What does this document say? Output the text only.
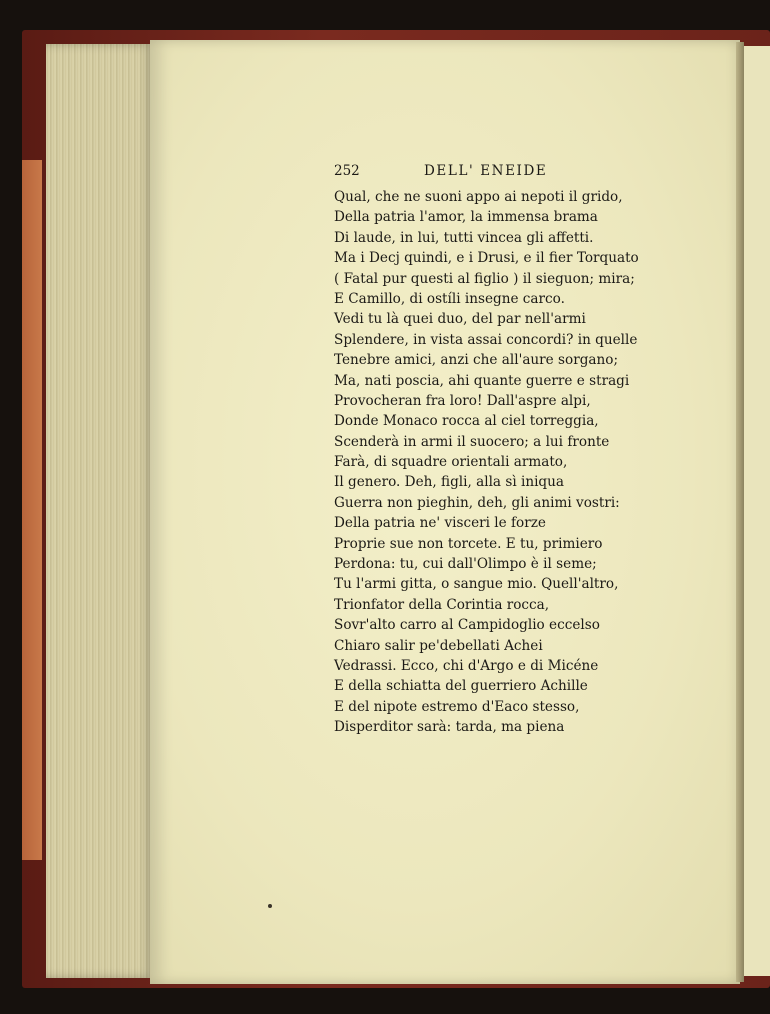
252	DELL' ENEIDE
Qual, che ne suoni appo ai nepoti il grido,
Della patria l'amor, la immensa brama
Di laude, in lui, tutti vincea gli affetti.
Ma i Decj quindi, e i Drusi, e il fier Torquato
( Fatal pur questi al figlio ) il sieguon; mira;
E Camillo, di ostíli insegne carco.
Vedi tu là quei duo, del par nell'armi
Splendere, in vista assai concordi? in quelle
Tenebre amici, anzi che all'aure sorgano;
Ma, nati poscia, ahi quante guerre e stragi
Provocheran fra loro! Dall'aspre alpi,
Donde Monaco rocca al ciel torreggia,
Scenderà in armi il suocero; a lui fronte
Farà, di squadre orientali armato,
Il genero. Deh, figli, alla sì iniqua
Guerra non pieghin, deh, gli animi vostri:
Della patria ne' visceri le forze
Proprie sue non torcete. E tu, primiero
Perdona: tu, cui dall'Olimpo è il seme;
Tu l'armi gitta, o sangue mio. Quell'altro,
Trionfator della Corintia rocca,
Sovr'alto carro al Campidoglio eccelso
Chiaro salir pe'debellati Achei
Vedrassi. Ecco, chi d'Argo e di Micéne
E della schiatta del guerriero Achille
E del nipote estremo d'Eaco stesso,
Disperditor sarà: tarda, ma piena
